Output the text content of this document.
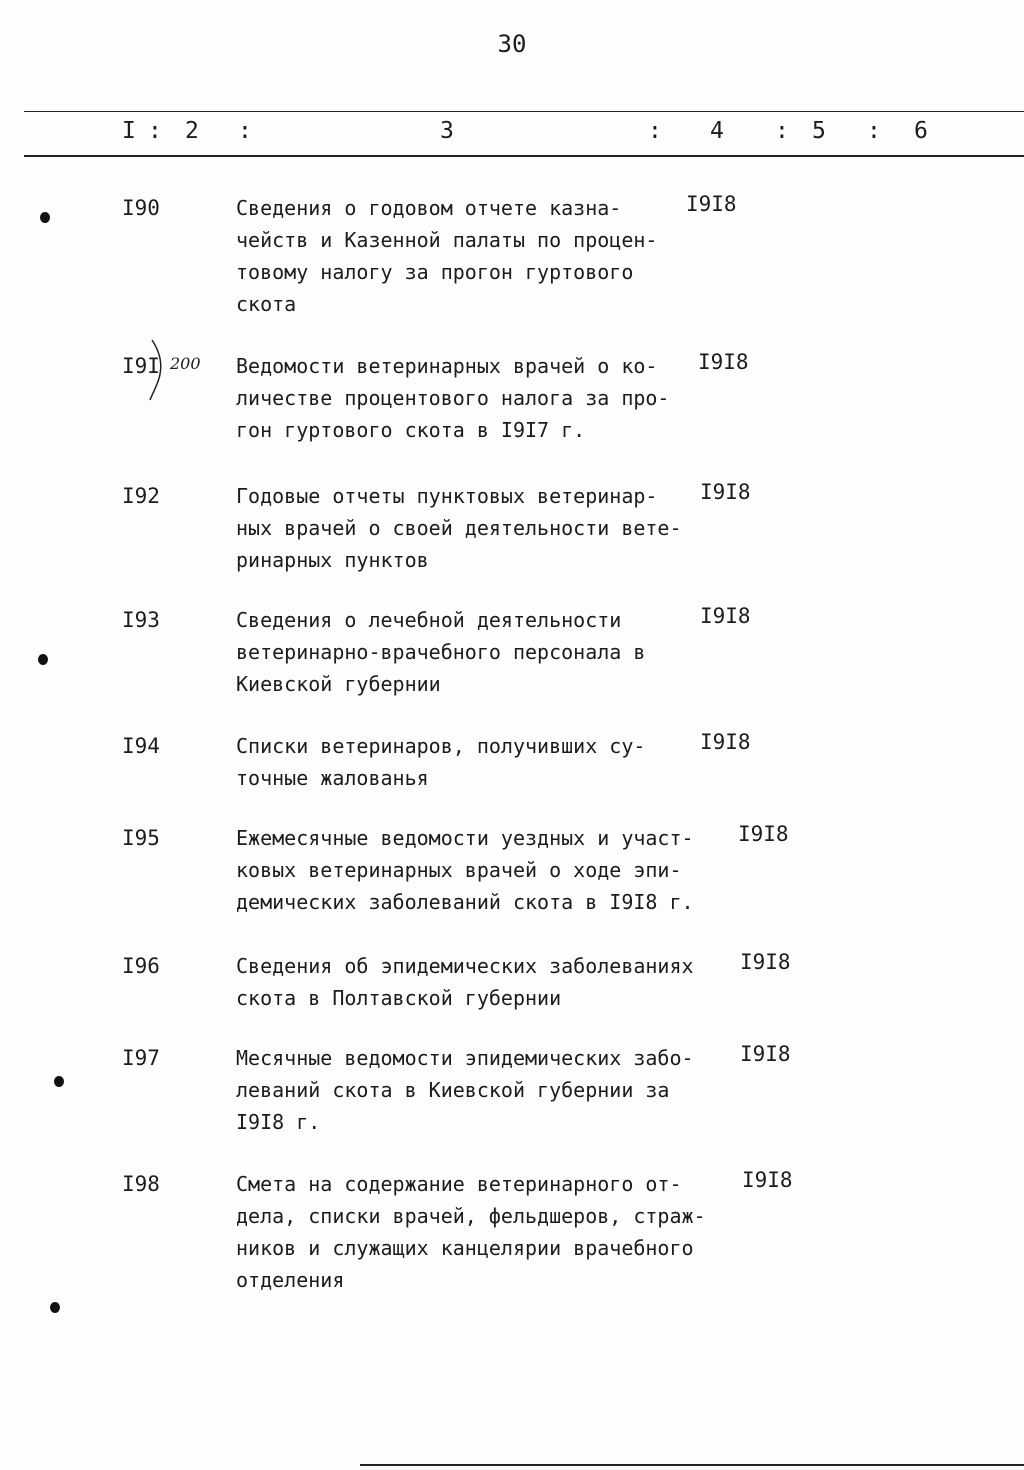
30
I : 2 :	3	: 4 : 5 : 6
I90	Сведения о годовом отчете казна-
чейств и Казенной палаты по процен-
товому налогу за прогон гуртового
скота
I9I8
I9I	Ведомости ветеринарных врачей о ко-
личестве процентового налога за про-
гон гуртового скота в I9I7 г.
I9I8
I92	Годовые отчеты пунктовых ветеринар-
ных врачей о своей деятельности вете-
ринарных пунктов
I9I8
I93	Сведения о лечебной деятельности
ветеринарно-врачебного персонала в
Киевской губернии
I9I8
I94	Списки ветеринаров, получивших су-
точные жалованья
I9I8
I95	Ежемесячные ведомости уездных и участ-
ковых ветеринарных врачей о ходе эпи-
демических заболеваний скота в I9I8 г.
I9I8
I96	Сведения об эпидемических заболеваниях
скота в Полтавской губернии
I9I8
I97	Месячные ведомости эпидемических забо-
леваний скота в Киевской губернии за
I9I8 г.
I9I8
I98	Смета на содержание ветеринарного от-
дела, списки врачей, фельдшеров, страж-
ников и служащих канцелярии врачебного
отделения
I9I8
200
